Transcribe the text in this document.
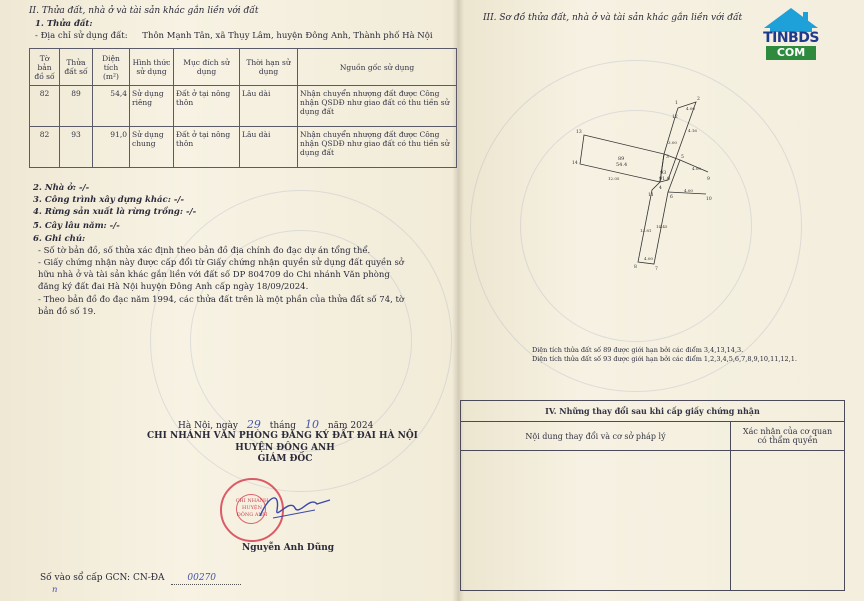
II. Thửa đất, nhà ở và tài sản khác gắn liền với đất
1. Thửa đất:
- Địa chỉ sử dụng đất: Thôn Mạnh Tân, xã Thụy Lâm, huyện Đông Anh, Thành phố Hà Nội
Tờ bản đồ số	Thửa đất số	Diện tích (m²)	Hình thức sử dụng	Mục đích sử dụng	Thời hạn sử dụng	Nguồn gốc sử dụng
82	89	54,4	Sử dụng riêng	Đất ở tại nông thôn	Lâu dài	Nhận chuyển nhượng đất được Công nhận QSDĐ như giao đất có thu tiền sử dụng đất
82	93	91,0	Sử dụng chung	Đất ở tại nông thôn	Lâu dài	Nhận chuyển nhượng đất được Công nhận QSDĐ như giao đất có thu tiền sử dụng đất
2. Nhà ở: -/-
3. Công trình xây dựng khác: -/-
4. Rừng sản xuất là rừng trồng: -/-
5. Cây lâu năm: -/-
6. Ghi chú:
- Số tờ bản đồ, số thửa xác định theo bản đồ địa chính đo đạc dự án tổng thể.
- Giấy chứng nhận này được cấp đổi từ Giấy chứng nhận quyền sử dụng đất quyền sở
hữu nhà ở và tài sản khác gắn liền với đất số DP 804709 do Chi nhánh Văn phòng
đăng ký đất đai Hà Nội huyện Đông Anh cấp ngày 18/09/2024.
- Theo bản đồ đo đạc năm 1994, các thửa đất trên là một phần của thửa đất số 74, tờ
bản đồ số 19.
Hà Nội, ngày 29 tháng 10 năm 2024
CHI NHÁNH VĂN PHÒNG ĐĂNG KÝ ĐẤT ĐAI HÀ NỘI
HUYỆN ĐÔNG ANH
GIÁM ĐỐC
CHI NHÁNH
HUYỆN
ĐÔNG ANH
Nguyễn Anh Dũng
Số vào sổ cấp GCN: CN-ĐA	00270
n
III. Sơ đồ thửa đất, nhà ở và tài sản khác gắn liền với đất
TINBDS
COM
89
54.4
93
91.0
1
2
3
4
5
6
7
8
9
10
11
12
13
14
4.00
4.16
12.05
4.00
4.00
13.81
14.45
4.00
3.00
Diện tích thửa đất số 89 được giới hạn bởi các điểm 3,4,13,14,3.
Diện tích thửa đất số 93 được giới hạn bởi các điểm 1,2,3,4,5,6,7,8,9,10,11,12,1.
IV. Những thay đổi sau khi cấp giấy chứng nhận	
Nội dung thay đổi và cơ sở pháp lý	Xác nhận của cơ quan
có thẩm quyền
